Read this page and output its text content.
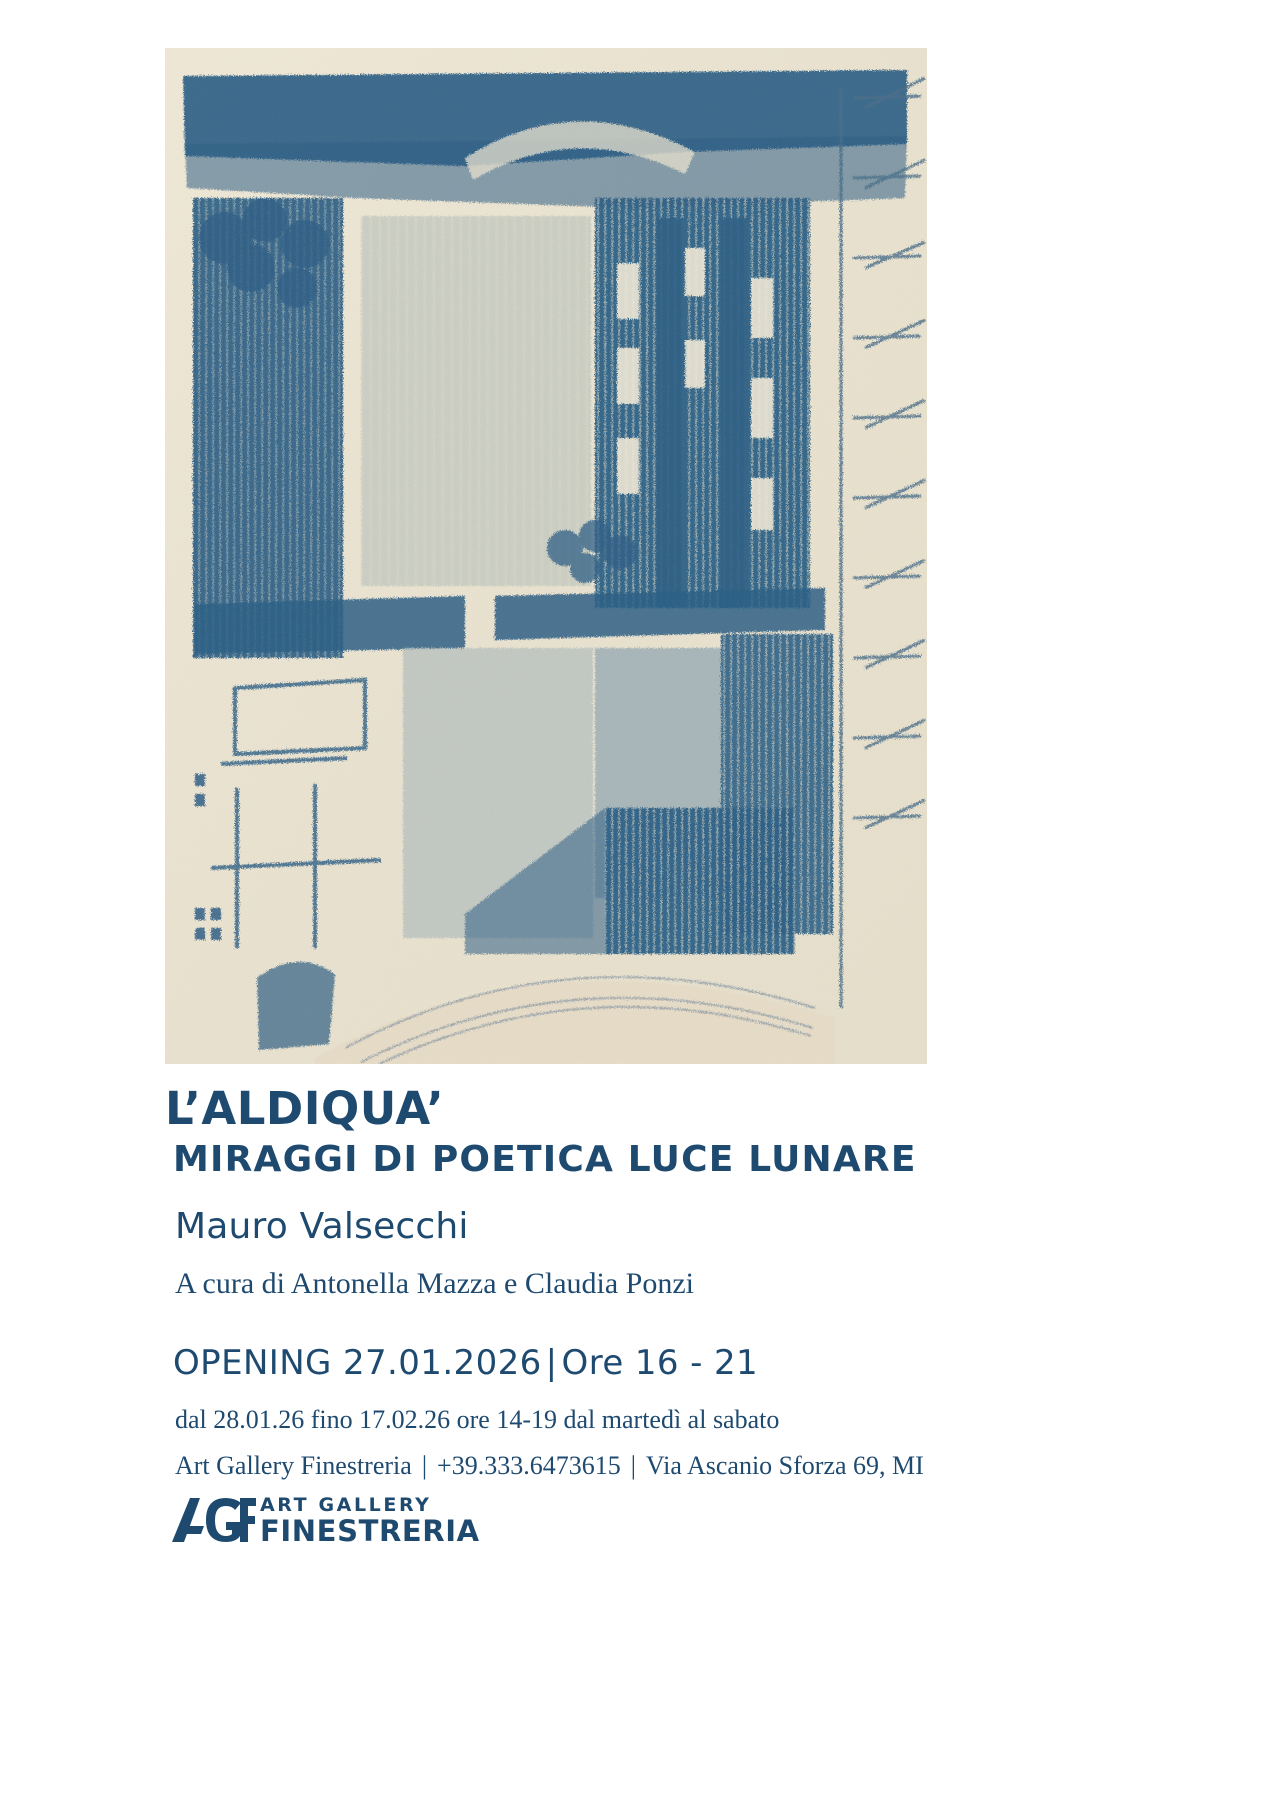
L’ALDIQUA’
MIRAGGI DI POETICA LUCE LUNARE
Mauro Valsecchi
A cura di Antonella Mazza e Claudia Ponzi
OPENING 27.01.2026 | Ore 16 - 21
dal 28.01.26 fino 17.02.26 ore 14-19 dal martedì al sabato
Art Gallery Finestreria | +39.333.6473615 | Via Ascanio Sforza 69, MI
ART GALLERY
FINESTRERIA
